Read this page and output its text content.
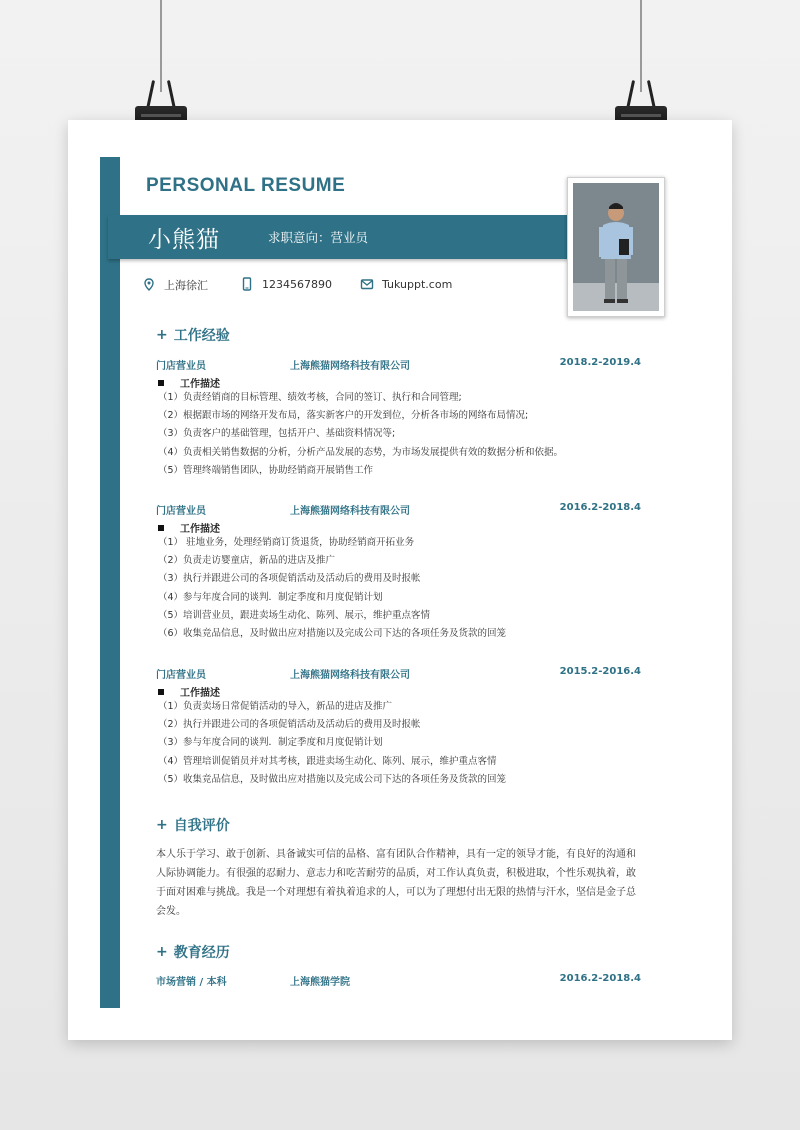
PERSONAL RESUME
小熊猫	求职意向：营业员
上海徐汇	1234567890	Tukuppt.com
+ 工作经验
门店营业员	上海熊猫网络科技有限公司	2018.2-2019.4
工作描述
（1）负责经销商的目标管理、绩效考核，合同的签订、执行和合同管理;
（2）根据跟市场的网络开发布局，落实新客户的开发到位，分析各市场的网络布局情况;
（3）负责客户的基础管理，包括开户、基础资料情况等;
（4）负责相关销售数据的分析，分析产品发展的态势，为市场发展提供有效的数据分析和依据。
（5）管理终端销售团队，协助经销商开展销售工作
门店营业员	上海熊猫网络科技有限公司	2016.2-2018.4
工作描述
（1） 驻地业务，处理经销商订货退货，协助经销商开拓业务
（2）负责走访婴童店，新品的进店及推广
（3）执行并跟进公司的各项促销活动及活动后的费用及时报帐
（4）参与年度合同的谈判．制定季度和月度促销计划
（5）培训营业员，跟进卖场生动化、陈列、展示，维护重点客情
（6）收集竞品信息，及时做出应对措施以及完成公司下达的各项任务及货款的回笼
门店营业员	上海熊猫网络科技有限公司	2015.2-2016.4
工作描述
（1）负责卖场日常促销活动的导入，新品的进店及推广
（2）执行并跟进公司的各项促销活动及活动后的费用及时报帐
（3）参与年度合同的谈判．制定季度和月度促销计划
（4）管理培训促销员并对其考核，跟进卖场生动化、陈列、展示，维护重点客情
（5）收集竞品信息，及时做出应对措施以及完成公司下达的各项任务及货款的回笼
+ 自我评价
本人乐于学习、敢于创新、具备诚实可信的品格、富有团队合作精神，具有一定的领导才能，有良好的沟通和人际协调能力。有很强的忍耐力、意志力和吃苦耐劳的品质，对工作认真负责，积极进取，个性乐观执着，敢于面对困难与挑战。我是一个对理想有着执着追求的人，可以为了理想付出无限的热情与汗水，坚信是金子总会发。
+ 教育经历
市场营销 / 本科	上海熊猫学院	2016.2-2018.4
